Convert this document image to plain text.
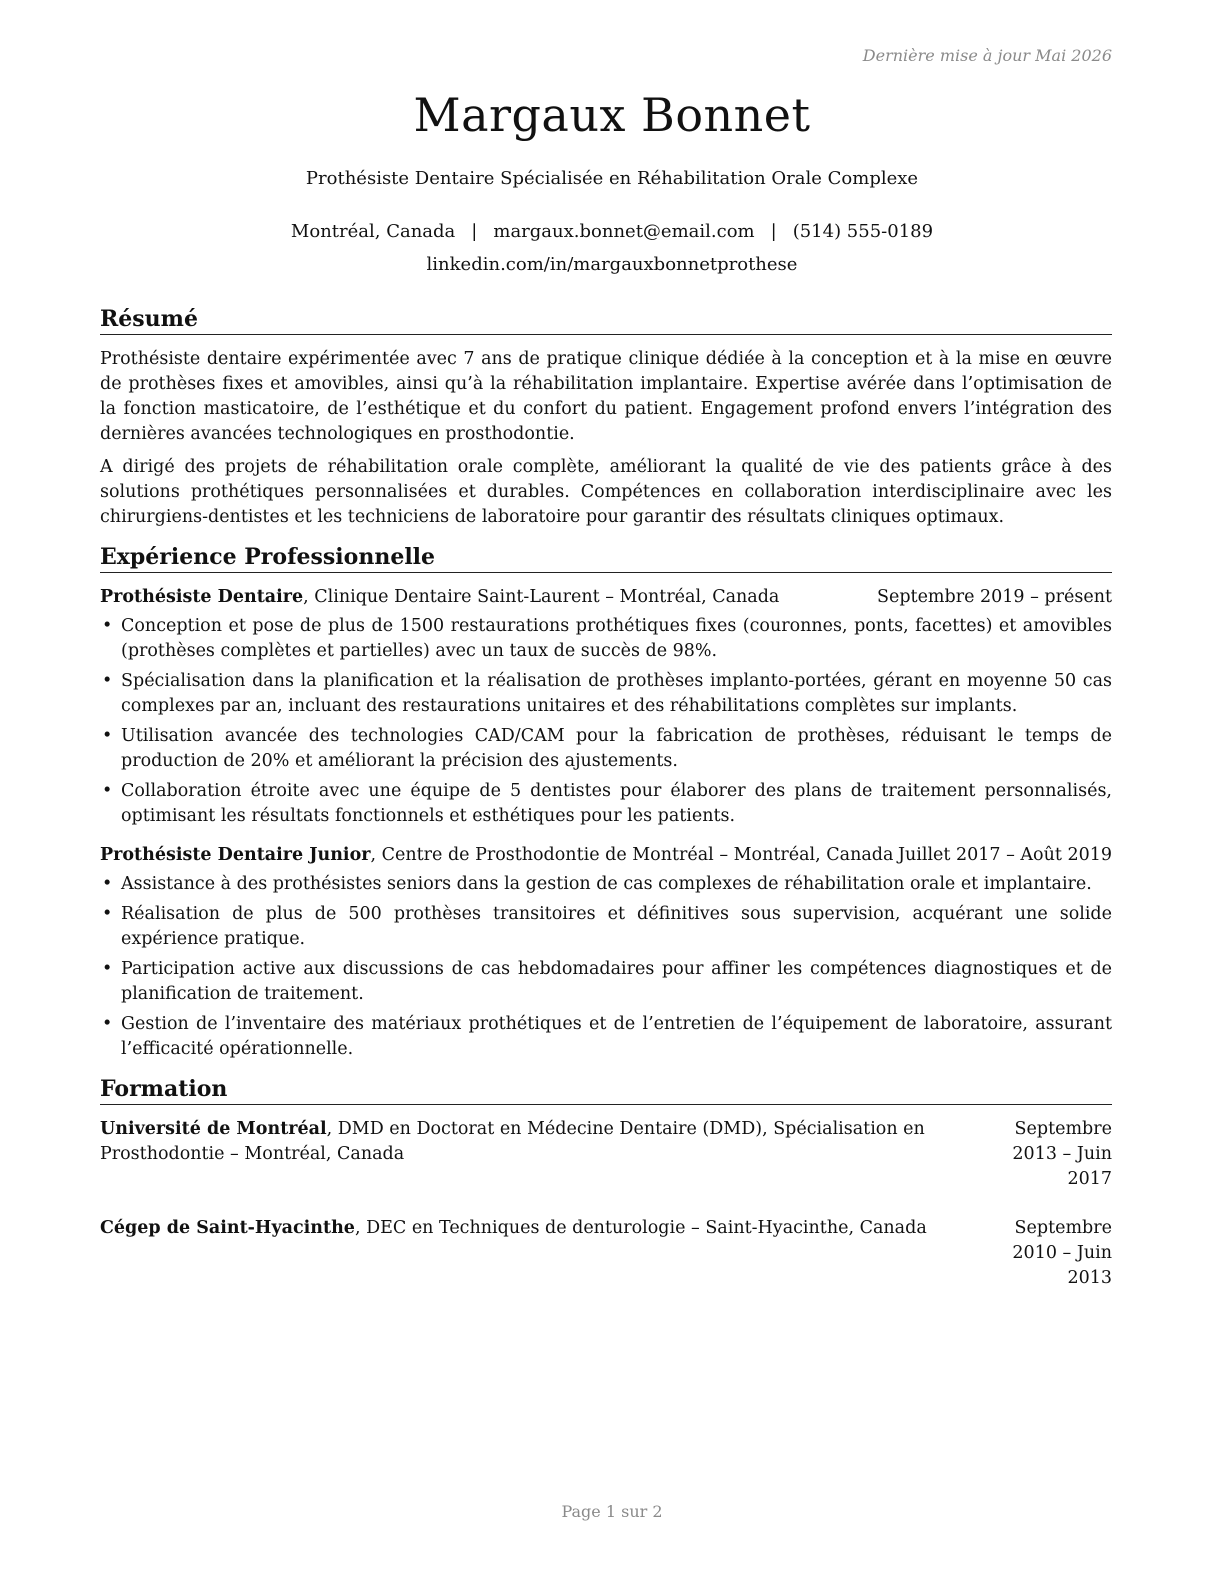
Dernière mise à jour Mai 2026
Margaux Bonnet
Prothésiste Dentaire Spécialisée en Réhabilitation Orale Complexe
Montréal, Canada | margaux.bonnet@email.com | (514) 555-0189
linkedin.com/in/margauxbonnetprothese
Résumé

Prothésiste dentaire expérimentée avec 7 ans de pratique clinique dédiée à la conception et à la mise en œuvre de prothèses fixes et amovibles, ainsi qu’à la réhabilitation implantaire. Expertise avérée dans l’optimisation de la fonction masticatoire, de l’esthétique et du confort du patient. Engagement profond envers l’intégration des dernières avancées technologiques en prosthodontie.

A dirigé des projets de réhabilitation orale complète, améliorant la qualité de vie des patients grâce à des solutions prothétiques personnalisées et durables. Compétences en collaboration interdisciplinaire avec les chirurgiens-dentistes et les techniciens de laboratoire pour garantir des résultats cliniques optimaux.

Expérience Professionnelle
Prothésiste Dentaire, Clinique Dentaire Saint-Laurent – Montréal, Canada	Septembre 2019 – présent
• Conception et pose de plus de 1500 restaurations prothétiques fixes (couronnes, ponts, facettes) et amovibles (prothèses complètes et partielles) avec un taux de succès de 98%.
• Spécialisation dans la planification et la réalisation de prothèses implanto-portées, gérant en moyenne 50 cas complexes par an, incluant des restaurations unitaires et des réhabilitations complètes sur implants.
• Utilisation avancée des technologies CAD/CAM pour la fabrication de prothèses, réduisant le temps de production de 20% et améliorant la précision des ajustements.
• Collaboration étroite avec une équipe de 5 dentistes pour élaborer des plans de traitement personnalisés, optimisant les résultats fonctionnels et esthétiques pour les patients.
Prothésiste Dentaire Junior, Centre de Prosthodontie de Montréal – Montréal, Canada Juillet 2017 – Août 2019
• Assistance à des prothésistes seniors dans la gestion de cas complexes de réhabilitation orale et implantaire.
• Réalisation de plus de 500 prothèses transitoires et définitives sous supervision, acquérant une solide expérience pratique.
• Participation active aux discussions de cas hebdomadaires pour affiner les compétences diagnostiques et de planification de traitement.
• Gestion de l’inventaire des matériaux prothétiques et de l’entretien de l’équipement de laboratoire, assurant l’efficacité opérationnelle.
Formation
Université de Montréal, DMD en Doctorat en Médecine Dentaire (DMD), Spécialisation en Prosthodontie – Montréal, Canada
Septembre 2013 – Juin 2017
Cégep de Saint-Hyacinthe, DEC en Techniques de denturologie – Saint-Hyacinthe, Canada	Septembre 2010 – Juin 2013
Page 1 sur 2
